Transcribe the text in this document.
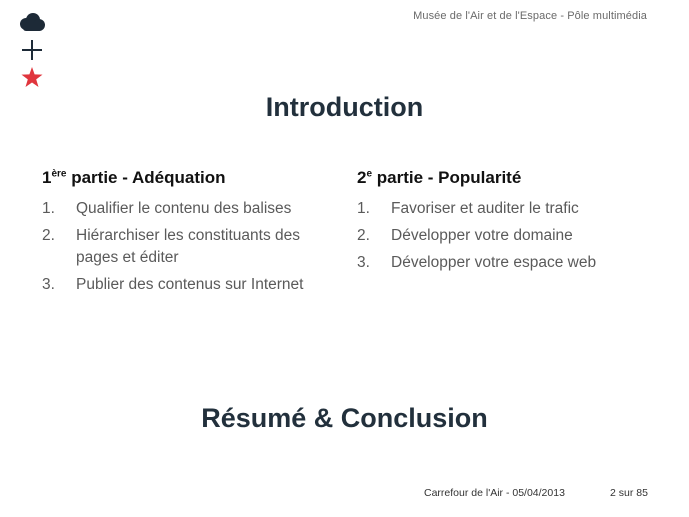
Musée de l'Air et de l'Espace - Pôle multimédia
Introduction
1ère partie - Adéquation
1.	Qualifier le contenu des balises
2.	Hiérarchiser les constituants des pages et éditer
3.	Publier des contenus sur Internet
2e partie - Popularité
1.	Favoriser et auditer le trafic
2.	Développer votre domaine
3.	Développer votre espace web
Résumé & Conclusion
Carrefour de l'Air - 05/04/2013	2 sur 85
